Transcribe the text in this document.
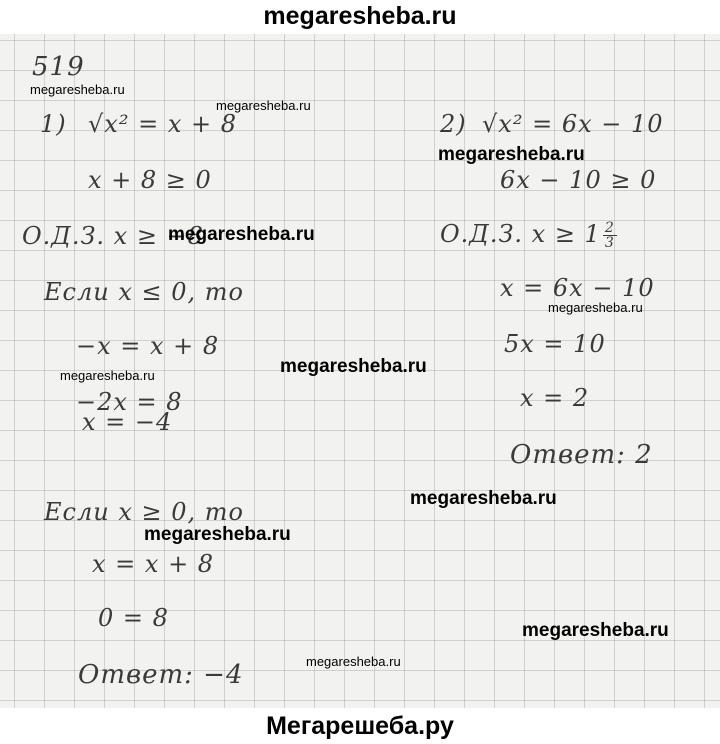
megaresheba.ru
519
1) √x² = x + 8
x + 8 ≥ 0
О.Д.З. x ≥ −8
Если x ≤ 0, то
−x = x + 8
−2x = 8
x = −4
Если x ≥ 0, то
x = x + 8
0 = 8
Ответ: −4
2) √x² = 6x − 10
6x − 10 ≥ 0
О.Д.З. $x \ge 1 \frac{2}{3}$
x = 6x − 10
5x = 10
x = 2
Ответ: 2
megaresheba.ru
megaresheba.ru
megaresheba.ru
megaresheba.ru
megaresheba.ru
megaresheba.ru
megaresheba.ru
megaresheba.ru
megaresheba.ru
megaresheba.ru
megaresheba.ru
Мегарешеба.ру
